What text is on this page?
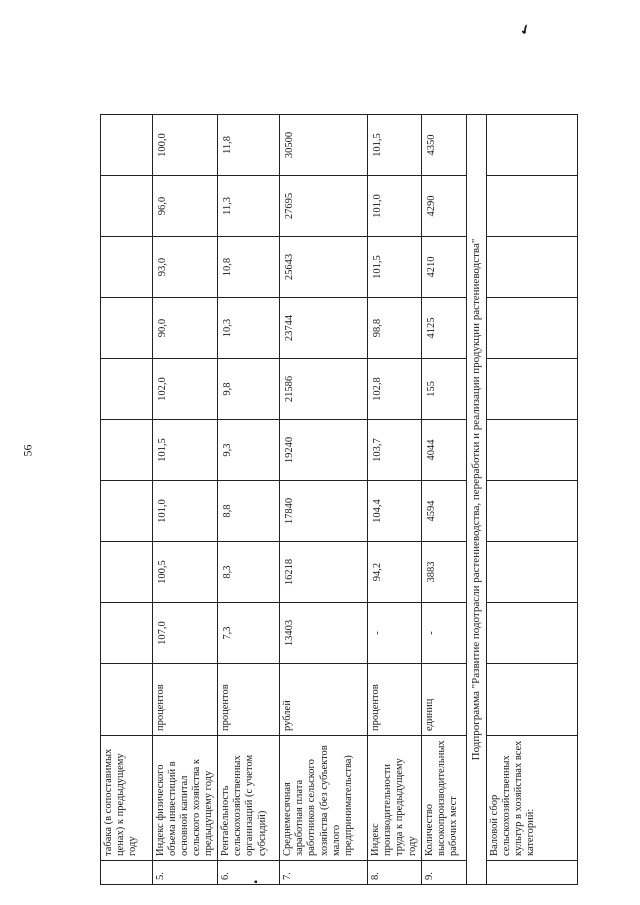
56
✔
▪
	табака (в сопоставимых ценах) к предыдущему году										
5.	Индекс физического объема инвестиций в основной капитал сельского хозяйства к предыдущему году	процентов	107,0	100,5	101,0	101,5	102,0	90,0	93,0	96,0	100,0
6.	Рентабельность сельскохозяйственных организаций (с учетом субсидий)	процентов	7,3	8,3	8,8	9,3	9,8	10,3	10,8	11,3	11,8
7.	Среднемесячная заработная плата работников сельского хозяйства (без субъектов малого предпринимательства)	рублей	13403	16218	17840	19240	21586	23744	25643	27695	30500
8.	Индекс производительности труда к предыдущему году	процентов	-	94,2	104,4	103,7	102,8	98,8	101,5	101,0	101,5
9.	Количество высокопроизводительных рабочих мест	единиц	-	3883	4594	4044	155	4125	4210	4290	4350
Подпрограмма "Развитие подотрасли растениеводства, переработки и реализации продукции растениеводства"											
	Валовой сбор сельскохозяйственных культур в хозяйствах всех категорий:										
